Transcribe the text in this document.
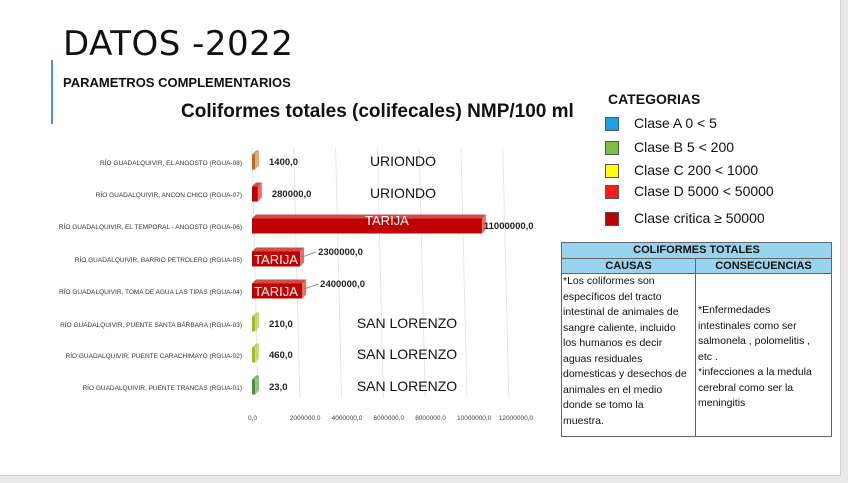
DATOS -2022
PARAMETROS COMPLEMENTARIOS
Coliformes totales (colifecales) NMP/100 ml
0,0	2000000,0 4000000,0 6000000,0 8000000,0 10000000,0 12000000,0
RÍO GUADALQUIVIR, EL ANGOSTO (RGUA-08)	1400,0	URIONDO
RÍO GUADALQUIVIR, ANCON CHICO (RGUA-07)	280000,0	URIONDO
RÍO GUADALQUIVIR, EL TEMPORAL - ANGOSTO (RGUA-06)	11000000,0
TARIJA
RÍO GUADALQUIVIR, BARRIO PETROLERO (RGUA-05)
2300000,0
TARIJA
RÍO GUADALQUIVIR, TOMA DE AGUA LAS TIPAS (RGUA-04)
2400000,0
TARIJA
RÍO GUADALQUIVIR, PUENTE SANTA BÁRBARA (RGUA-03)	210,0	SAN LORENZO
RÍO GUADALQUIVIR, PUENTE CARACHIMAYO (RGUA-02)	460,0	SAN LORENZO
RÍO GUADALQUIVIR, PUENTE TRANCAS (RGUA-01)	23,0	SAN LORENZO
CATEGORIAS
Clase A 0 < 5
Clase B 5 < 200
Clase C 200 < 1000
Clase D 5000 < 50000
Clase critica ≥ 50000
COLIFORMES TOTALES
CAUSAS	CONSECUENCIAS
*Los coliformes son
específicos del tracto
intestinal de animales de
sangre caliente, incluido
los humanos es decir
aguas residuales
domesticas y desechos de
animales en el medio
donde se tomo la
muestra.
*Enfermedades
intestinales como ser
salmonela , polomelitis ,
etc .
*infecciones a la medula
cerebral como ser la
meningitis
